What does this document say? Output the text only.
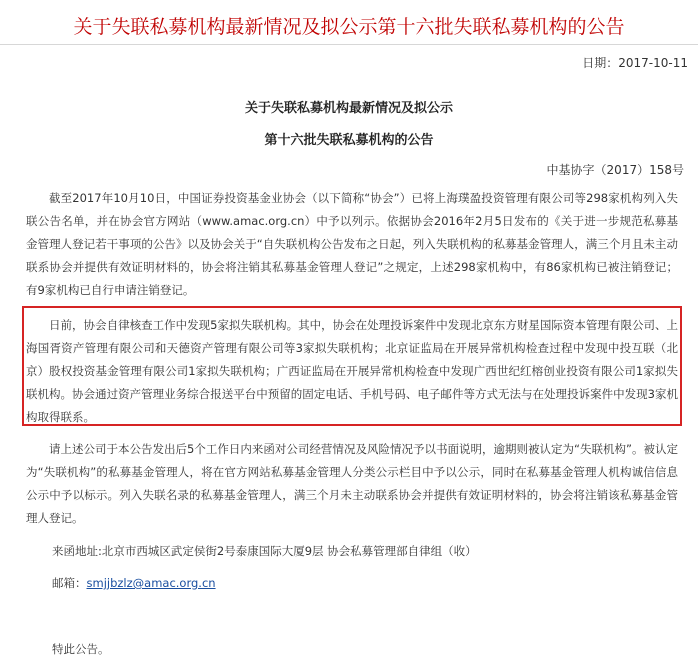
关于失联私募机构最新情况及拟公示第十六批失联私募机构的公告
日期：2017-10-11
关于失联私募机构最新情况及拟公示
第十六批失联私募机构的公告
中基协字（2017）158号

截至2017年10月10日，中国证券投资基金业协会（以下简称“协会”）已将上海璞盈投资管理有限公司等298家机构列入失联公告名单，并在协会官方网站（www.amac.org.cn）中予以列示。依据协会2016年2月5日发布的《关于进一步规范私募基金管理人登记若干事项的公告》以及协会关于“自失联机构公告发布之日起，列入失联机构的私募基金管理人，满三个月且未主动联系协会并提供有效证明材料的，协会将注销其私募基金管理人登记”之规定，上述298家机构中，有86家机构已被注销登记；有9家机构已自行申请注销登记。

日前，协会自律核查工作中发现5家拟失联机构。其中，协会在处理投诉案件中发现北京东方财星国际资本管理有限公司、上海国胥资产管理有限公司和天德资产管理有限公司等3家拟失联机构；北京证监局在开展异常机构检查过程中发现中投互联（北京）股权投资基金管理有限公司1家拟失联机构；广西证监局在开展异常机构检查中发现广西世纪红榕创业投资有限公司1家拟失联机构。协会通过资产管理业务综合报送平台中预留的固定电话、手机号码、电子邮件等方式无法与在处理投诉案件中发现3家机构取得联系。

请上述公司于本公告发出后5个工作日内来函对公司经营情况及风险情况予以书面说明，逾期则被认定为“失联机构”。被认定为“失联机构”的私募基金管理人，将在官方网站私募基金管理人分类公示栏目中予以公示，同时在私募基金管理人机构诚信信息公示中予以标示。列入失联名录的私募基金管理人，满三个月未主动联系协会并提供有效证明材料的，协会将注销该私募基金管理人登记。

来函地址:北京市西城区武定侯街2号泰康国际大厦9层 协会私募管理部自律组（收）
邮箱：smjjbzlz@amac.org.cn
特此公告。
